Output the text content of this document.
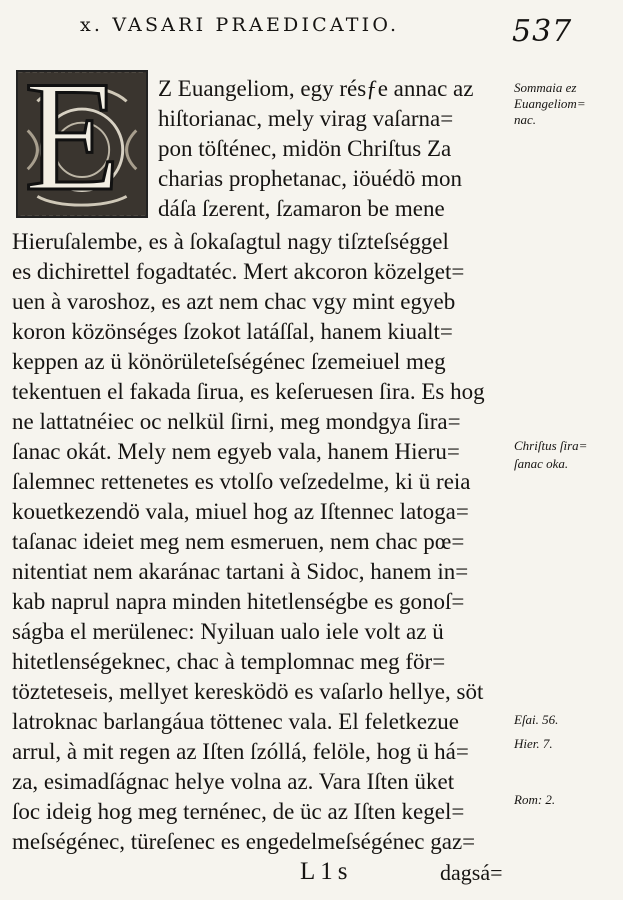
x. VASARI PRAEDICATIO.	537
E Z Euangeliom, egy résƒe annac az
hiſtorianac, mely virag vaſarna=
pon töſténec, midön Chriſtus Za
charias prophetanac, iöuédö mon
dáſa ſzerent, ſzamaron be mene
Hieruſalembe, es à ſokaſagtul nagy tiſzteſséggel
es dichirettel fogadtatéc. Mert akcoron közelget=
uen à varoshoz, es azt nem chac vgy mint egyeb
koron közönséges ſzokot latáſſal, hanem kiualt=
keppen az ü könörületeſségénec ſzemeiuel meg
tekentuen el fakada ſirua, es keſeruesen ſira. Es hog
ne lattatnéiec oc nelkül ſirni, meg mondgya ſira=
ſanac okát. Mely nem egyeb vala, hanem Hieru=
ſalemnec rettenetes es vtolſo veſzedelme, ki ü reia
kouetkezendö vala, miuel hog az Iſtennec latoga=
taſanac ideiet meg nem esmeruen, nem chac pœ=
nitentiat nem akaránac tartani à Sidoc, hanem in=
kab naprul napra minden hitetlenségbe es gonoſ=
ságba el merülenec: Nyiluan ualo iele volt az ü
hitetlenségeknec, chac à templomnac meg för=
tözteteseis, mellyet keresködö es vaſarlo hellye, söt
latroknac barlangáua töttenec vala. El feletkezue
arrul, à mit regen az Iſten ſzóllá, felöle, hog ü há=
za, esimadſágnac helye volna az. Vara Iſten üket
ſoc ideig hog meg ternénec, de üc az Iſten kegel=
meſségénec, türeſenec es engedelmeſségénec gaz=
Sommaia ez
Euangeliom=
nac.
Chriſtus ſira=
ſanac oka.
Eſai. 56.
Hier. 7.
Rom: 2.
L1s	dagsá=
